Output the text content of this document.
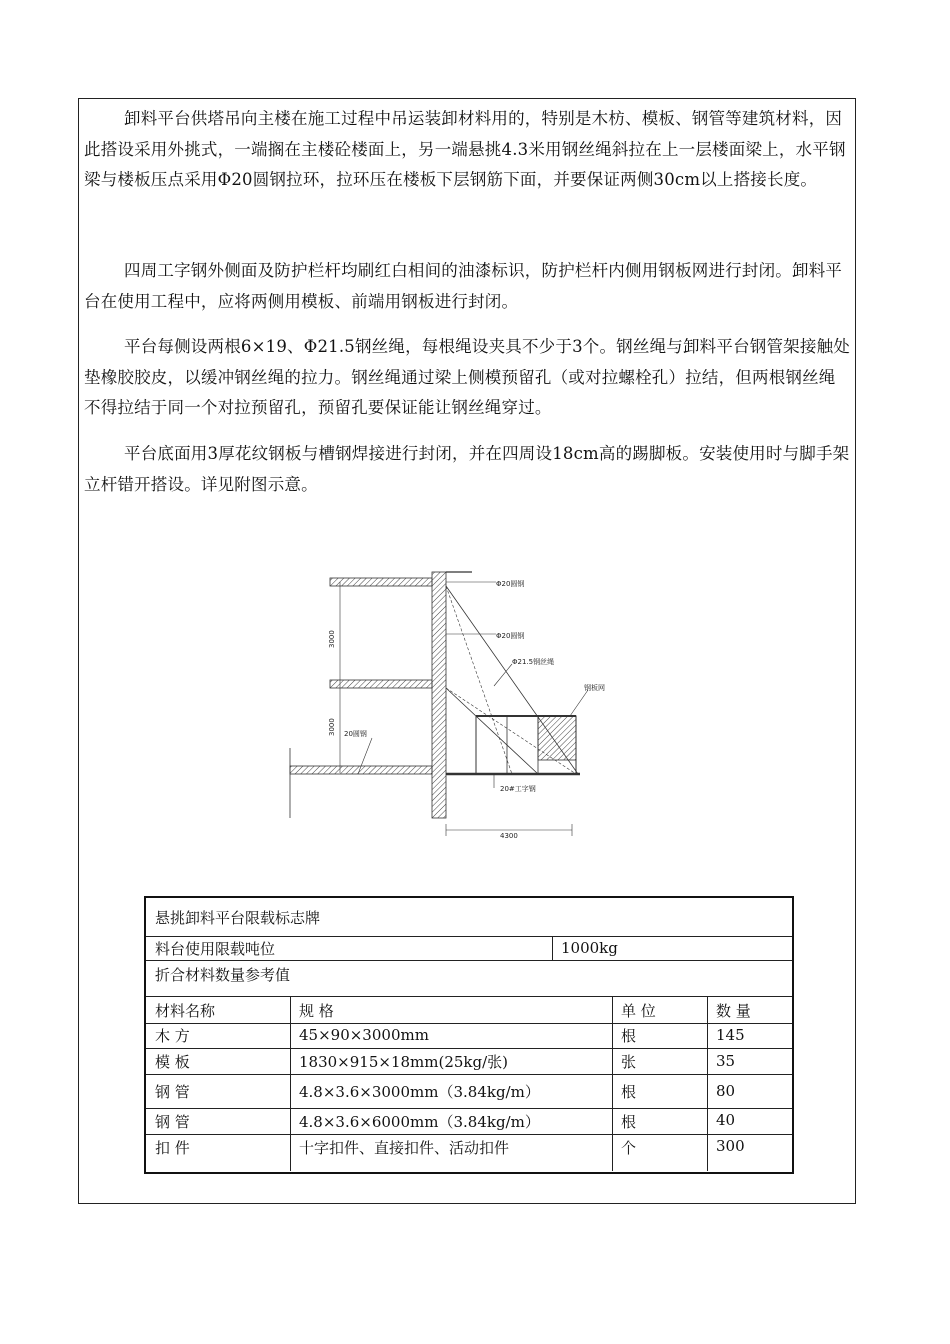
卸料平台供塔吊向主楼在施工过程中吊运装卸材料用的，特别是木枋、模板、钢管等建筑材料，因此搭设采用外挑式，一端搁在主楼砼楼面上，另一端悬挑4.3米用钢丝绳斜拉在上一层楼面梁上，水平钢梁与楼板压点采用Φ20圆钢拉环，拉环压在楼板下层钢筋下面，并要保证两侧30cm以上搭接长度。

四周工字钢外侧面及防护栏杆均刷红白相间的油漆标识，防护栏杆内侧用钢板网进行封闭。卸料平台在使用工程中，应将两侧用模板、前端用钢板进行封闭。

平台每侧设两根6×19、Φ21.5钢丝绳，每根绳设夹具不少于3个。钢丝绳与卸料平台钢管架接触处垫橡胶胶皮，以缓冲钢丝绳的拉力。钢丝绳通过梁上侧模预留孔（或对拉螺栓孔）拉结，但两根钢丝绳不得拉结于同一个对拉预留孔，预留孔要保证能让钢丝绳穿过。

平台底面用3厚花纹钢板与槽钢焊接进行封闭，并在四周设18cm高的踢脚板。安装使用时与脚手架立杆错开搭设。详见附图示意。

3000
3000
Φ20圆钢
Φ20圆钢
Φ21.5钢丝绳
钢板网
20圆钢
20#工字钢
4300
悬挑卸料平台限载标志牌
料台使用限载吨位	1000kg
折合材料数量参考值
材料名称	规 格	单 位	数 量
木 方	45×90×3000mm	根	145
模 板	1830×915×18mm(25kg/张)	张	35
钢 管	4.8×3.6×3000mm（3.84kg/m）	根	80
钢 管	4.8×3.6×6000mm（3.84kg/m）	根	40
扣 件	十字扣件、直接扣件、活动扣件	个	300
